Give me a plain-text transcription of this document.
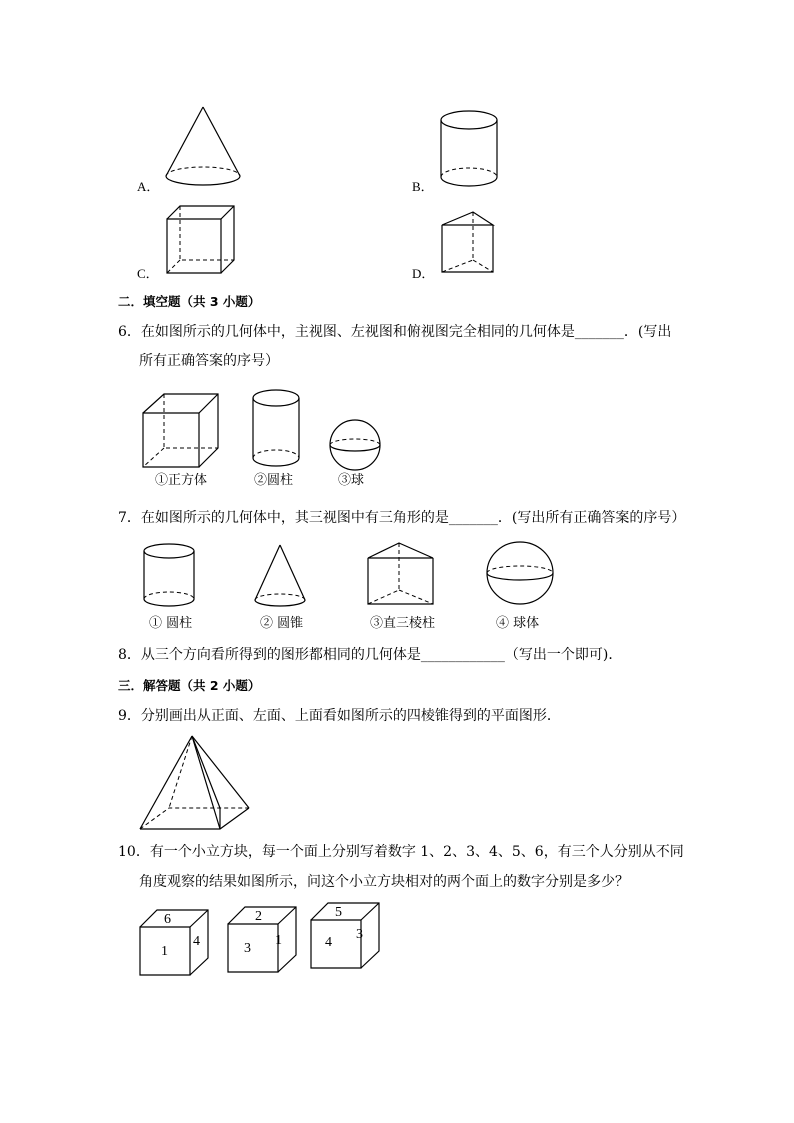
A．	B．
C．	D．
二．填空题（共 3 小题）
6．在如图所示的几何体中，主视图、左视图和俯视图完全相同的几何体是_______．(写出
所有正确答案的序号）
①正方体	②圆柱	③球
7．在如图所示的几何体中，其三视图中有三角形的是_______．(写出所有正确答案的序号）
① 圆柱	② 圆锥	③直三棱柱	④ 球体
8．从三个方向看所得到的图形都相同的几何体是____________（写出一个即可)．
三．解答题（共 2 小题）
9．分别画出从正面、左面、上面看如图所示的四棱锥得到的平面图形．
10．有一个小立方块，每一个面上分别写着数字 1、2、3、4、5、6，有三个人分别从不同
角度观察的结果如图所示，问这个小立方块相对的两个面上的数字分别是多少？
6
1
4
2
3
1
5
4
3
